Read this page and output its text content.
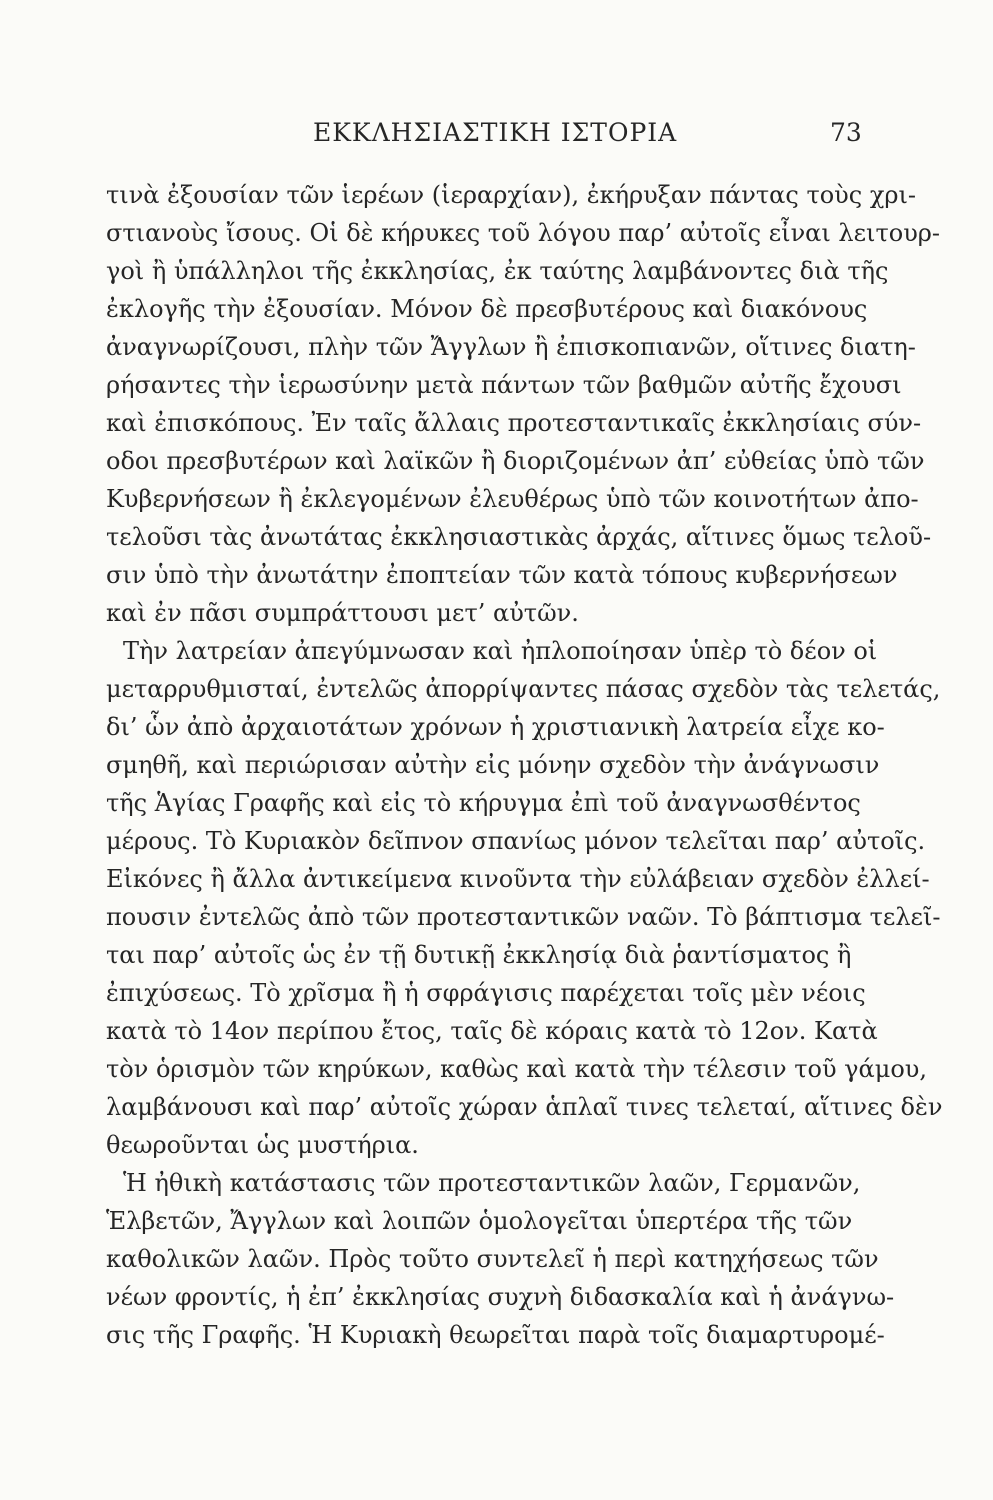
ΕΚΚΛΗΣΙΑΣΤΙΚΗ ΙΣΤΟΡΙΑ	73
τινὰ ἐξουσίαν τῶν ἱερέων (ἱεραρχίαν), ἐκήρυξαν πάντας τοὺς χρι-
στιανοὺς ἴσους. Οἱ δὲ κήρυκες τοῦ λόγου παρ’ αὐτοῖς εἶναι λειτουρ-
γοὶ ἢ ὑπάλληλοι τῆς ἐκκλησίας, ἐκ ταύτης λαμβάνοντες διὰ τῆς
ἐκλογῆς τὴν ἐξουσίαν. Μόνον δὲ πρεσβυτέρους καὶ διακόνους
ἀναγνωρίζουσι, πλὴν τῶν Ἄγγλων ἢ ἐπισκοπιανῶν, οἵτινες διατη-
ρήσαντες τὴν ἱερωσύνην μετὰ πάντων τῶν βαθμῶν αὐτῆς ἔχουσι
καὶ ἐπισκόπους. Ἐν ταῖς ἄλλαις προτεσταντικαῖς ἐκκλησίαις σύν-
οδοι πρεσβυτέρων καὶ λαϊκῶν ἢ διοριζομένων ἀπ’ εὐθείας ὑπὸ τῶν
Κυβερνήσεων ἢ ἐκλεγομένων ἐλευθέρως ὑπὸ τῶν κοινοτήτων ἀπο-
τελοῦσι τὰς ἀνωτάτας ἐκκλησιαστικὰς ἀρχάς, αἵτινες ὅμως τελοῦ-
σιν ὑπὸ τὴν ἀνωτάτην ἐποπτείαν τῶν κατὰ τόπους κυβερνήσεων
καὶ ἐν πᾶσι συμπράττουσι μετ’ αὐτῶν.
Τὴν λατρείαν ἀπεγύμνωσαν καὶ ἠπλοποίησαν ὑπὲρ τὸ δέον οἱ
μεταρρυθμισταί, ἐντελῶς ἀπορρίψαντες πάσας σχεδὸν τὰς τελετάς,
δι’ ὧν ἀπὸ ἀρχαιοτάτων χρόνων ἡ χριστιανικὴ λατρεία εἶχε κο-
σμηθῆ, καὶ περιώρισαν αὐτὴν εἰς μόνην σχεδὸν τὴν ἀνάγνωσιν
τῆς Ἁγίας Γραφῆς καὶ εἰς τὸ κήρυγμα ἐπὶ τοῦ ἀναγνωσθέντος
μέρους. Τὸ Κυριακὸν δεῖπνον σπανίως μόνον τελεῖται παρ’ αὐτοῖς.
Εἰκόνες ἢ ἄλλα ἀντικείμενα κινοῦντα τὴν εὐλάβειαν σχεδὸν ἐλλεί-
πουσιν ἐντελῶς ἀπὸ τῶν προτεσταντικῶν ναῶν. Τὸ βάπτισμα τελεῖ-
ται παρ’ αὐτοῖς ὡς ἐν τῇ δυτικῇ ἐκκλησίᾳ διὰ ῥαντίσματος ἢ
ἐπιχύσεως. Τὸ χρῖσμα ἢ ἡ σφράγισις παρέχεται τοῖς μὲν νέοις
κατὰ τὸ 14ον περίπου ἔτος, ταῖς δὲ κόραις κατὰ τὸ 12ον. Κατὰ
τὸν ὁρισμὸν τῶν κηρύκων, καθὼς καὶ κατὰ τὴν τέλεσιν τοῦ γάμου,
λαμβάνουσι καὶ παρ’ αὐτοῖς χώραν ἁπλαῖ τινες τελεταί, αἵτινες δὲν
θεωροῦνται ὡς μυστήρια.
Ἡ ἠθικὴ κατάστασις τῶν προτεσταντικῶν λαῶν, Γερμανῶν,
Ἑλβετῶν, Ἄγγλων καὶ λοιπῶν ὁμολογεῖται ὑπερτέρα τῆς τῶν
καθολικῶν λαῶν. Πρὸς τοῦτο συντελεῖ ἡ περὶ κατηχήσεως τῶν
νέων φροντίς, ἡ ἐπ’ ἐκκλησίας συχνὴ διδασκαλία καὶ ἡ ἀνάγνω-
σις τῆς Γραφῆς. Ἡ Κυριακὴ θεωρεῖται παρὰ τοῖς διαμαρτυρομέ-
